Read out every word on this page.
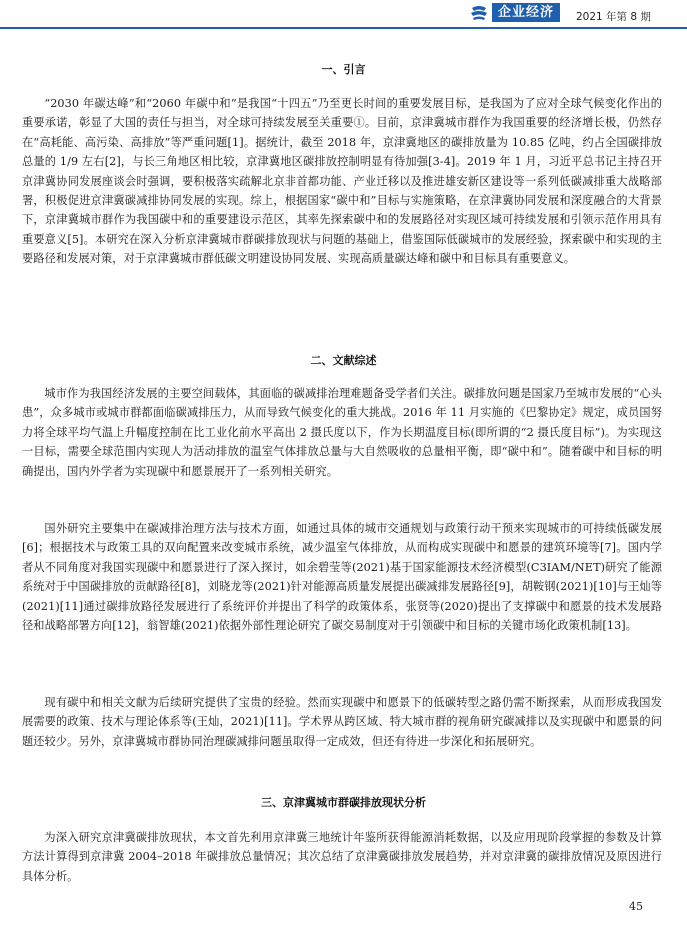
企业经济	2021 年第 8 期
一、引言

“2030 年碳达峰”和“2060 年碳中和”是我国“十四五”乃至更长时间的重要发展目标，是我国为了应对全球气候变化作出的重要承诺，彰显了大国的责任与担当，对全球可持续发展至关重要①。目前，京津冀城市群作为我国重要的经济增长极，仍然存在“高耗能、高污染、高排放”等严重问题[1]。据统计，截至 2018 年，京津冀地区的碳排放量为 10.85 亿吨，约占全国碳排放总量的 1/9 左右[2]，与长三角地区相比较，京津冀地区碳排放控制明显有待加强[3-4]。2019 年 1 月，习近平总书记主持召开京津冀协同发展座谈会时强调，要积极落实疏解北京非首都功能、产业迁移以及推进雄安新区建设等一系列低碳减排重大战略部署，积极促进京津冀碳减排协同发展的实现。综上，根据国家“碳中和”目标与实施策略，在京津冀协同发展和深度融合的大背景下，京津冀城市群作为我国碳中和的重要建设示范区，其率先探索碳中和的发展路径对实现区域可持续发展和引领示范作用具有重要意义[5]。本研究在深入分析京津冀城市群碳排放现状与问题的基础上，借鉴国际低碳城市的发展经验，探索碳中和实现的主要路径和发展对策，对于京津冀城市群低碳文明建设协同发展、实现高质量碳达峰和碳中和目标具有重要意义。

二、文献综述

城市作为我国经济发展的主要空间载体，其面临的碳减排治理难题备受学者们关注。碳排放问题是国家乃至城市发展的“心头患”，众多城市或城市群都面临碳减排压力，从而导致气候变化的重大挑战。2016 年 11 月实施的《巴黎协定》规定，成员国努力将全球平均气温上升幅度控制在比工业化前水平高出 2 摄氏度以下，作为长期温度目标(即所谓的“2 摄氏度目标”)。为实现这一目标，需要全球范围内实现人为活动排放的温室气体排放总量与大自然吸收的总量相平衡，即“碳中和”。随着碳中和目标的明确提出，国内外学者为实现碳中和愿景展开了一系列相关研究。

国外研究主要集中在碳减排治理方法与技术方面，如通过具体的城市交通规划与政策行动干预来实现城市的可持续低碳发展[6]；根据技术与政策工具的双向配置来改变城市系统，减少温室气体排放，从而构成实现碳中和愿景的建筑环境等[7]。国内学者从不同角度对我国实现碳中和愿景进行了深入探讨，如余碧莹等(2021)基于国家能源技术经济模型(C3IAM/NET)研究了能源系统对于中国碳排放的贡献路径[8]，刘晓龙等(2021)针对能源高质量发展提出碳减排发展路径[9]，胡鞍钢(2021)[10]与王灿等(2021)[11]通过碳排放路径发展进行了系统评价并提出了科学的政策体系，张贤等(2020)提出了支撑碳中和愿景的技术发展路径和战略部署方向[12]，翁智雄(2021)依据外部性理论研究了碳交易制度对于引领碳中和目标的关键市场化政策机制[13]。

现有碳中和相关文献为后续研究提供了宝贵的经验。然而实现碳中和愿景下的低碳转型之路仍需不断探索，从而形成我国发展需要的政策、技术与理论体系等(王灿，2021)[11]。学术界从跨区域、特大城市群的视角研究碳减排以及实现碳中和愿景的问题还较少。另外，京津冀城市群协同治理碳减排问题虽取得一定成效，但还有待进一步深化和拓展研究。

三、京津冀城市群碳排放现状分析

为深入研究京津冀碳排放现状，本文首先利用京津冀三地统计年鉴所获得能源消耗数据，以及应用现阶段掌握的参数及计算方法计算得到京津冀 2004–2018 年碳排放总量情况；其次总结了京津冀碳排放发展趋势，并对京津冀的碳排放情况及原因进行具体分析。

45
